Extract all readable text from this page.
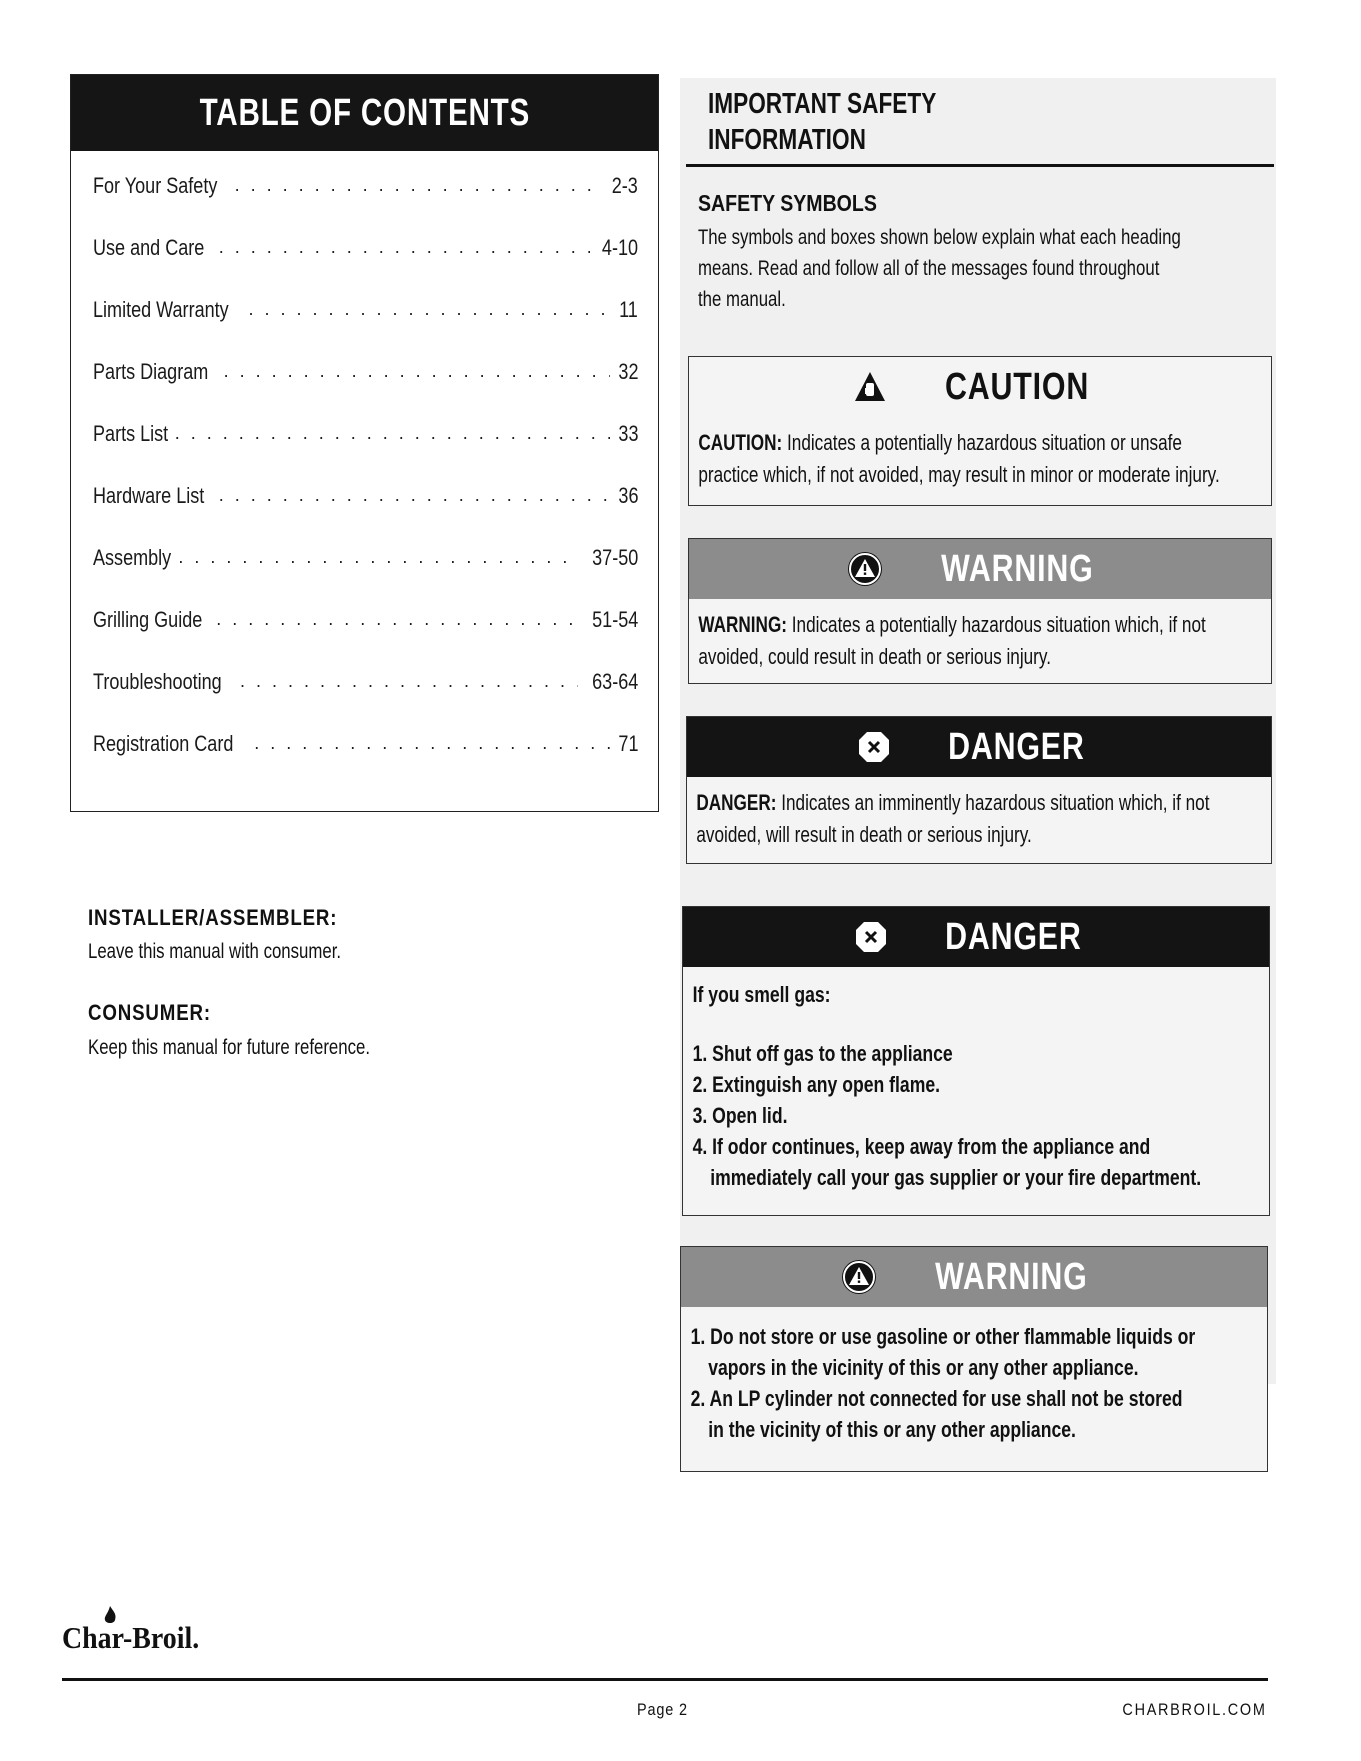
TABLE OF CONTENTS
For Your Safety . . .	2-3
Use and Care . . .	4-10
Limited Warranty . . .	11
Parts Diagram . . .	32
Parts List . . .	33
Hardware List . . .	36
Assembly . . .	37-50
Grilling Guide . . .	51-54
Troubleshooting . . .	63-64
Registration Card . . .	71
INSTALLER/ASSEMBLER:
Leave this manual with consumer.
CONSUMER:
Keep this manual for future reference.
IMPORTANT SAFETY
INFORMATION
SAFETY SYMBOLS
The symbols and boxes shown below explain what each heading means. Read and follow all of the messages found throughout the manual.
CAUTION
CAUTION: Indicates a potentially hazardous situation or unsafe practice which, if not avoided, may result in minor or moderate injury.
WARNING
WARNING: Indicates a potentially hazardous situation which, if not avoided, could result in death or serious injury.
DANGER
DANGER: Indicates an imminently hazardous situation which, if not avoided, will result in death or serious injury.
DANGER
If you smell gas:
1. Shut off gas to the appliance
2. Extinguish any open flame.
3. Open lid.
4. If odor continues, keep away from the appliance and immediately call your gas supplier or your fire department.
WARNING
1. Do not store or use gasoline or other flammable liquids or vapors in the vicinity of this or any other appliance.
2. An LP cylinder not connected for use shall not be stored in the vicinity of this or any other appliance.
Char-Broil.
Page 2	CHARBROIL.COM
